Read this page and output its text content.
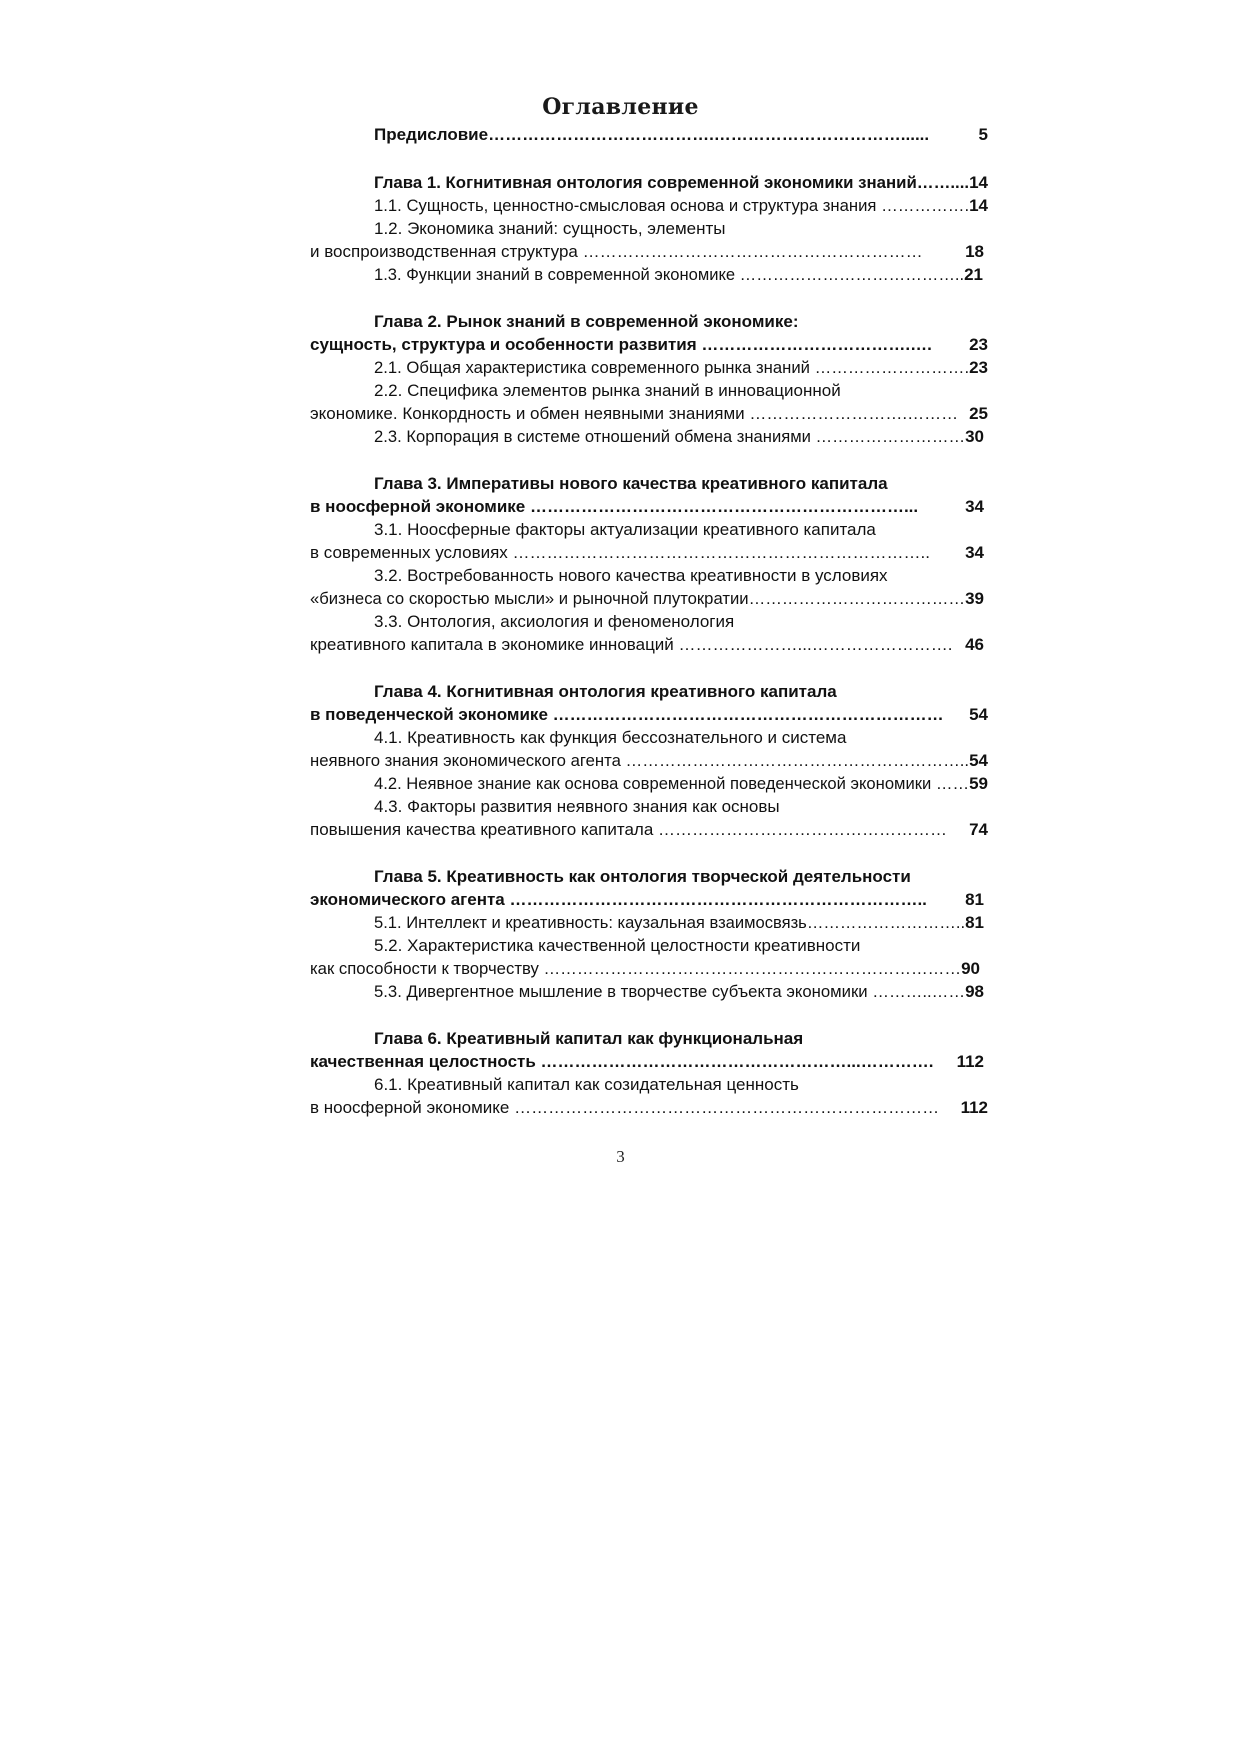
Оглавление
Предисловие………………………………….……………………………......	5
Глава 1. Когнитивная онтология современной экономики знаний…….... 14
1.1. Сущность, ценностно-смысловая основа и структура знания ……………. 14
1.2. Экономика знаний: сущность, элементы
и воспроизводственная структура …………………………………………………… 18
1.3. Функции знаний в современной экономике ………………………………….. 21
Глава 2. Рынок знаний в современной экономике:
сущность, структура и особенности развития ……………………………….…. 23
2.1. Общая характеристика современного рынка знаний ………………………. 23
2.2. Специфика элементов рынка знаний в инновационной
экономике. Конкордность и обмен неявными знаниями ……………………….……… 25
2.3. Корпорация в системе отношений обмена знаниями ……………………… 30
Глава 3. Императивы нового качества креативного капитала
в ноосферной экономике …………………………………………………………...	34
3.1. Ноосферные факторы актуализации креативного капитала
в современных условиях ……………………………………………………………….. 34
3.2. Востребованность нового качества креативности в условиях
«бизнеса со скоростью мысли» и рыночной плутократии………………………………… 39
3.3. Онтология, аксиология и феноменология
креативного капитала в экономике инноваций …………………...……………………. 46
Глава 4. Когнитивная онтология креативного капитала
в поведенческой экономике …………………………………………………………… 54
4.1. Креативность как функция бессознательного и система
неявного знания экономического агента …………………………………………………….. 54
4.2. Неявное знание как основа современной поведенческой экономики …… 59
4.3. Факторы развития неявного знания как основы
повышения качества креативного капитала …………………………………………… 74
Глава 5. Креативность как онтология творческой деятельности
экономического агента ……………………………………………………………….. 81
5.1. Интеллект и креативность: каузальная взаимосвязь……………………….. 81
5.2. Характеристика качественной целостности креативности
как способности к творчеству ………………………………………………………………… 90
5.3. Дивергентное мышление в творчестве субъекта экономики ………..…… 98
Глава 6. Креативный капитал как функциональная
качественная целостность ………………………………………………...…………. 112
6.1. Креативный капитал как созидательная ценность
в ноосферной экономике ………………………………………………………………… 112
3
